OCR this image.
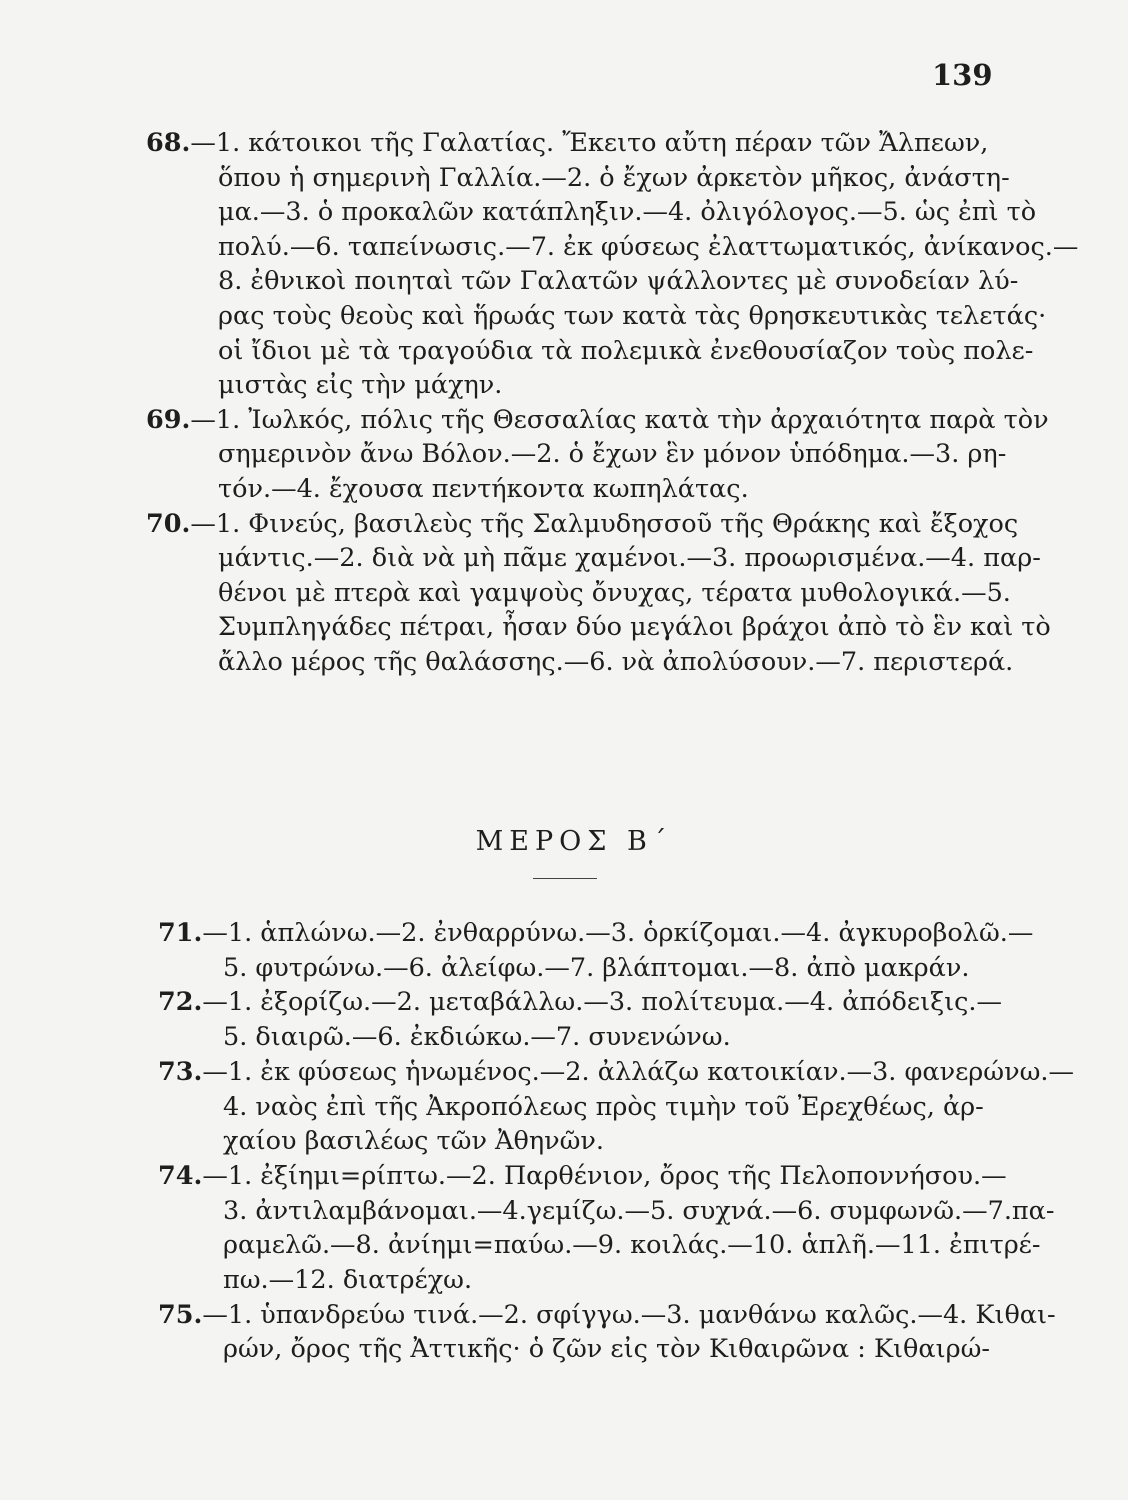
139
68.—1. κάτοικοι τῆς Γαλατίας. Ἔκειτο αὔτη πέραν τῶν Ἄλπεων,
ὅπου ἡ σημερινὴ Γαλλία.—2. ὁ ἔχων ἀρκετὸν μῆκος, ἀνάστη-
μα.—3. ὁ προκαλῶν κατάπληξιν.—4. ὀλιγόλογος.—5. ὡς ἐπὶ τὸ
πολύ.—6. ταπείνωσις.—7. ἐκ φύσεως ἐλαττωματικός, ἀνίκανος.—
8. ἐθνικοὶ ποιηταὶ τῶν Γαλατῶν ψάλλοντες μὲ συνοδείαν λύ-
ρας τοὺς θεοὺς καὶ ἥρωάς των κατὰ τὰς θρησκευτικὰς τελετάς·
οἱ ἴδιοι μὲ τὰ τραγούδια τὰ πολεμικὰ ἐνεθουσίαζον τοὺς πολε-
μιστὰς εἰς τὴν μάχην.
69.—1. Ἰωλκός, πόλις τῆς Θεσσαλίας κατὰ τὴν ἀρχαιότητα παρὰ τὸν
σημερινὸν ἄνω Βόλον.—2. ὁ ἔχων ἓν μόνον ὑπόδημα.—3. ρη-
τόν.—4. ἔχουσα πεντήκοντα κωπηλάτας.
70.—1. Φινεύς, βασιλεὺς τῆς Σαλμυδησσοῦ τῆς Θράκης καὶ ἔξοχος
μάντις.—2. διὰ νὰ μὴ πᾶμε χαμένοι.—3. προωρισμένα.—4. παρ-
θένοι μὲ πτερὰ καὶ γαμψοὺς ὄνυχας, τέρατα μυθολογικά.—5.
Συμπληγάδες πέτραι, ἦσαν δύο μεγάλοι βράχοι ἀπὸ τὸ ἓν καὶ τὸ
ἄλλο μέρος τῆς θαλάσσης.—6. νὰ ἀπολύσουν.—7. περιστερά.
ΜΕΡΟΣ Β΄
71.—1. ἁπλώνω.—2. ἐνθαρρύνω.—3. ὁρκίζομαι.—4. ἀγκυροβολῶ.—
5. φυτρώνω.—6. ἀλείφω.—7. βλάπτομαι.—8. ἀπὸ μακράν.
72.—1. ἐξορίζω.—2. μεταβάλλω.—3. πολίτευμα.—4. ἀπόδειξις.—
5. διαιρῶ.—6. ἐκδιώκω.—7. συνενώνω.
73.—1. ἐκ φύσεως ἡνωμένος.—2. ἀλλάζω κατοικίαν.—3. φανερώνω.—
4. ναὸς ἐπὶ τῆς Ἀκροπόλεως πρὸς τιμὴν τοῦ Ἐρεχθέως, ἀρ-
χαίου βασιλέως τῶν Ἀθηνῶν.
74.—1. ἐξίημι=ρίπτω.—2. Παρθένιον, ὄρος τῆς Πελοποννήσου.—
3. ἀντιλαμβάνομαι.—4.γεμίζω.—5. συχνά.—6. συμφωνῶ.—7.πα-
ραμελῶ.—8. ἀνίημι=παύω.—9. κοιλάς.—10. ἁπλῆ.—11. ἐπιτρέ-
πω.—12. διατρέχω.
75.—1. ὑπανδρεύω τινά.—2. σφίγγω.—3. μανθάνω καλῶς.—4. Κιθαι-
ρών, ὄρος τῆς Ἀττικῆς· ὁ ζῶν εἰς τὸν Κιθαιρῶνα : Κιθαιρώ-
